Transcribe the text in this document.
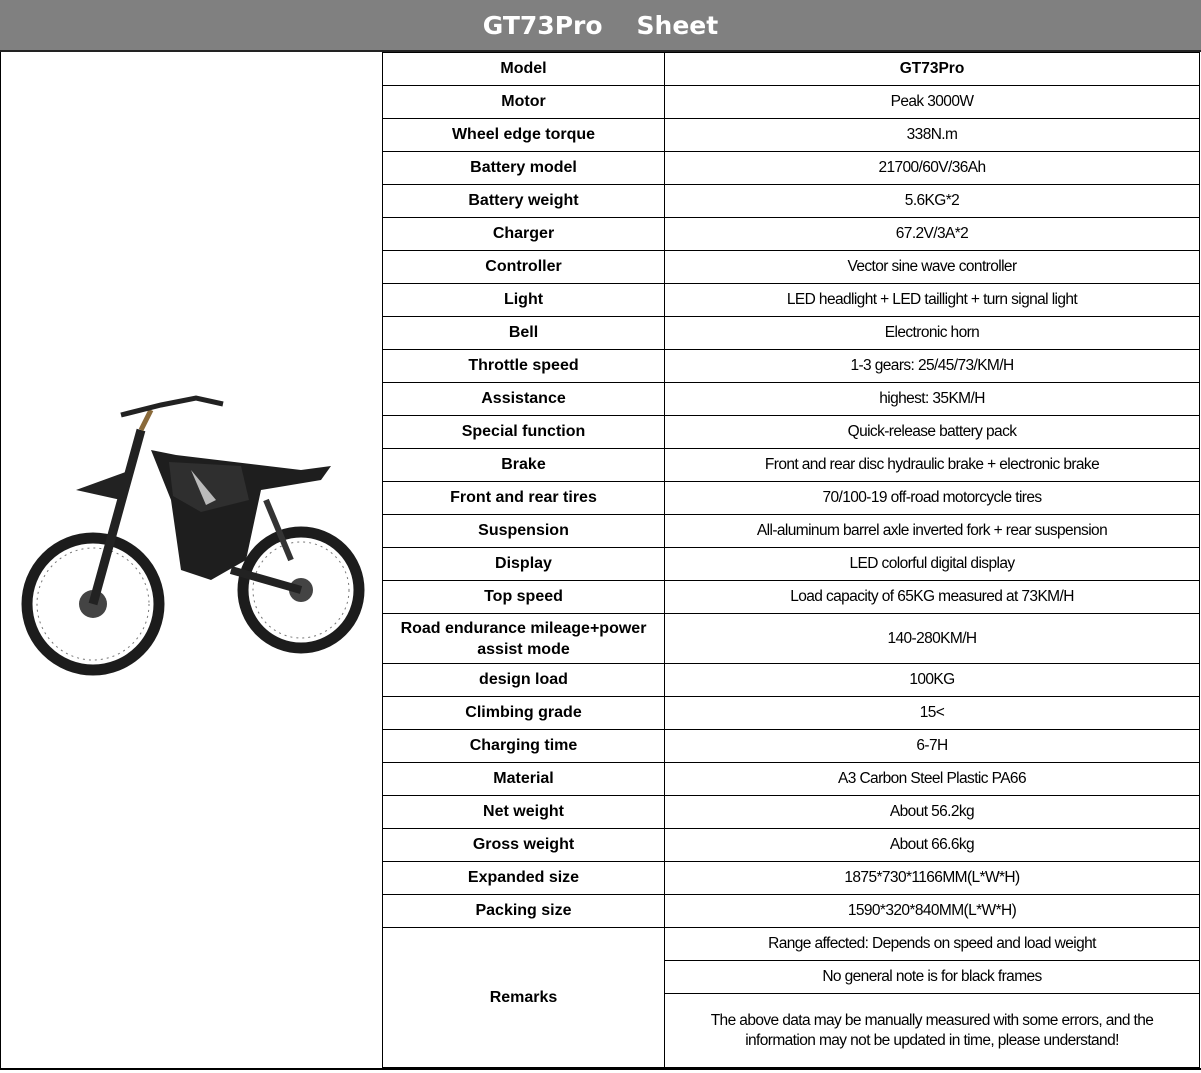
GT73Pro Sheet
Model	GT73Pro
Motor	Peak 3000W
Wheel edge torque	338N.m
Battery model	21700/60V/36Ah
Battery weight	5.6KG*2
Charger	67.2V/3A*2
Controller	Vector sine wave controller
Light	LED headlight + LED taillight + turn signal light
Bell	Electronic horn
Throttle speed	1-3 gears: 25/45/73/KM/H
Assistance	highest: 35KM/H
Special function	Quick-release battery pack
Brake	Front and rear disc hydraulic brake + electronic brake
Front and rear tires	70/100-19 off-road motorcycle tires
Suspension	All-aluminum barrel axle inverted fork + rear suspension
Display	LED colorful digital display
Top speed	Load capacity of 65KG measured at 73KM/H
Road endurance mileage+power assist mode	140-280KM/H
design load	100KG
Climbing grade	15<
Charging time	6-7H
Material	A3 Carbon Steel Plastic PA66
Net weight	About 56.2kg
Gross weight	About 66.6kg
Expanded size	1875*730*1166MM(L*W*H)
Packing size	1590*320*840MM(L*W*H)
Remarks	Range affected: Depends on speed and load weight
	No general note is for black frames
	The above data may be manually measured with some errors, and the information may not be updated in time, please understand!
